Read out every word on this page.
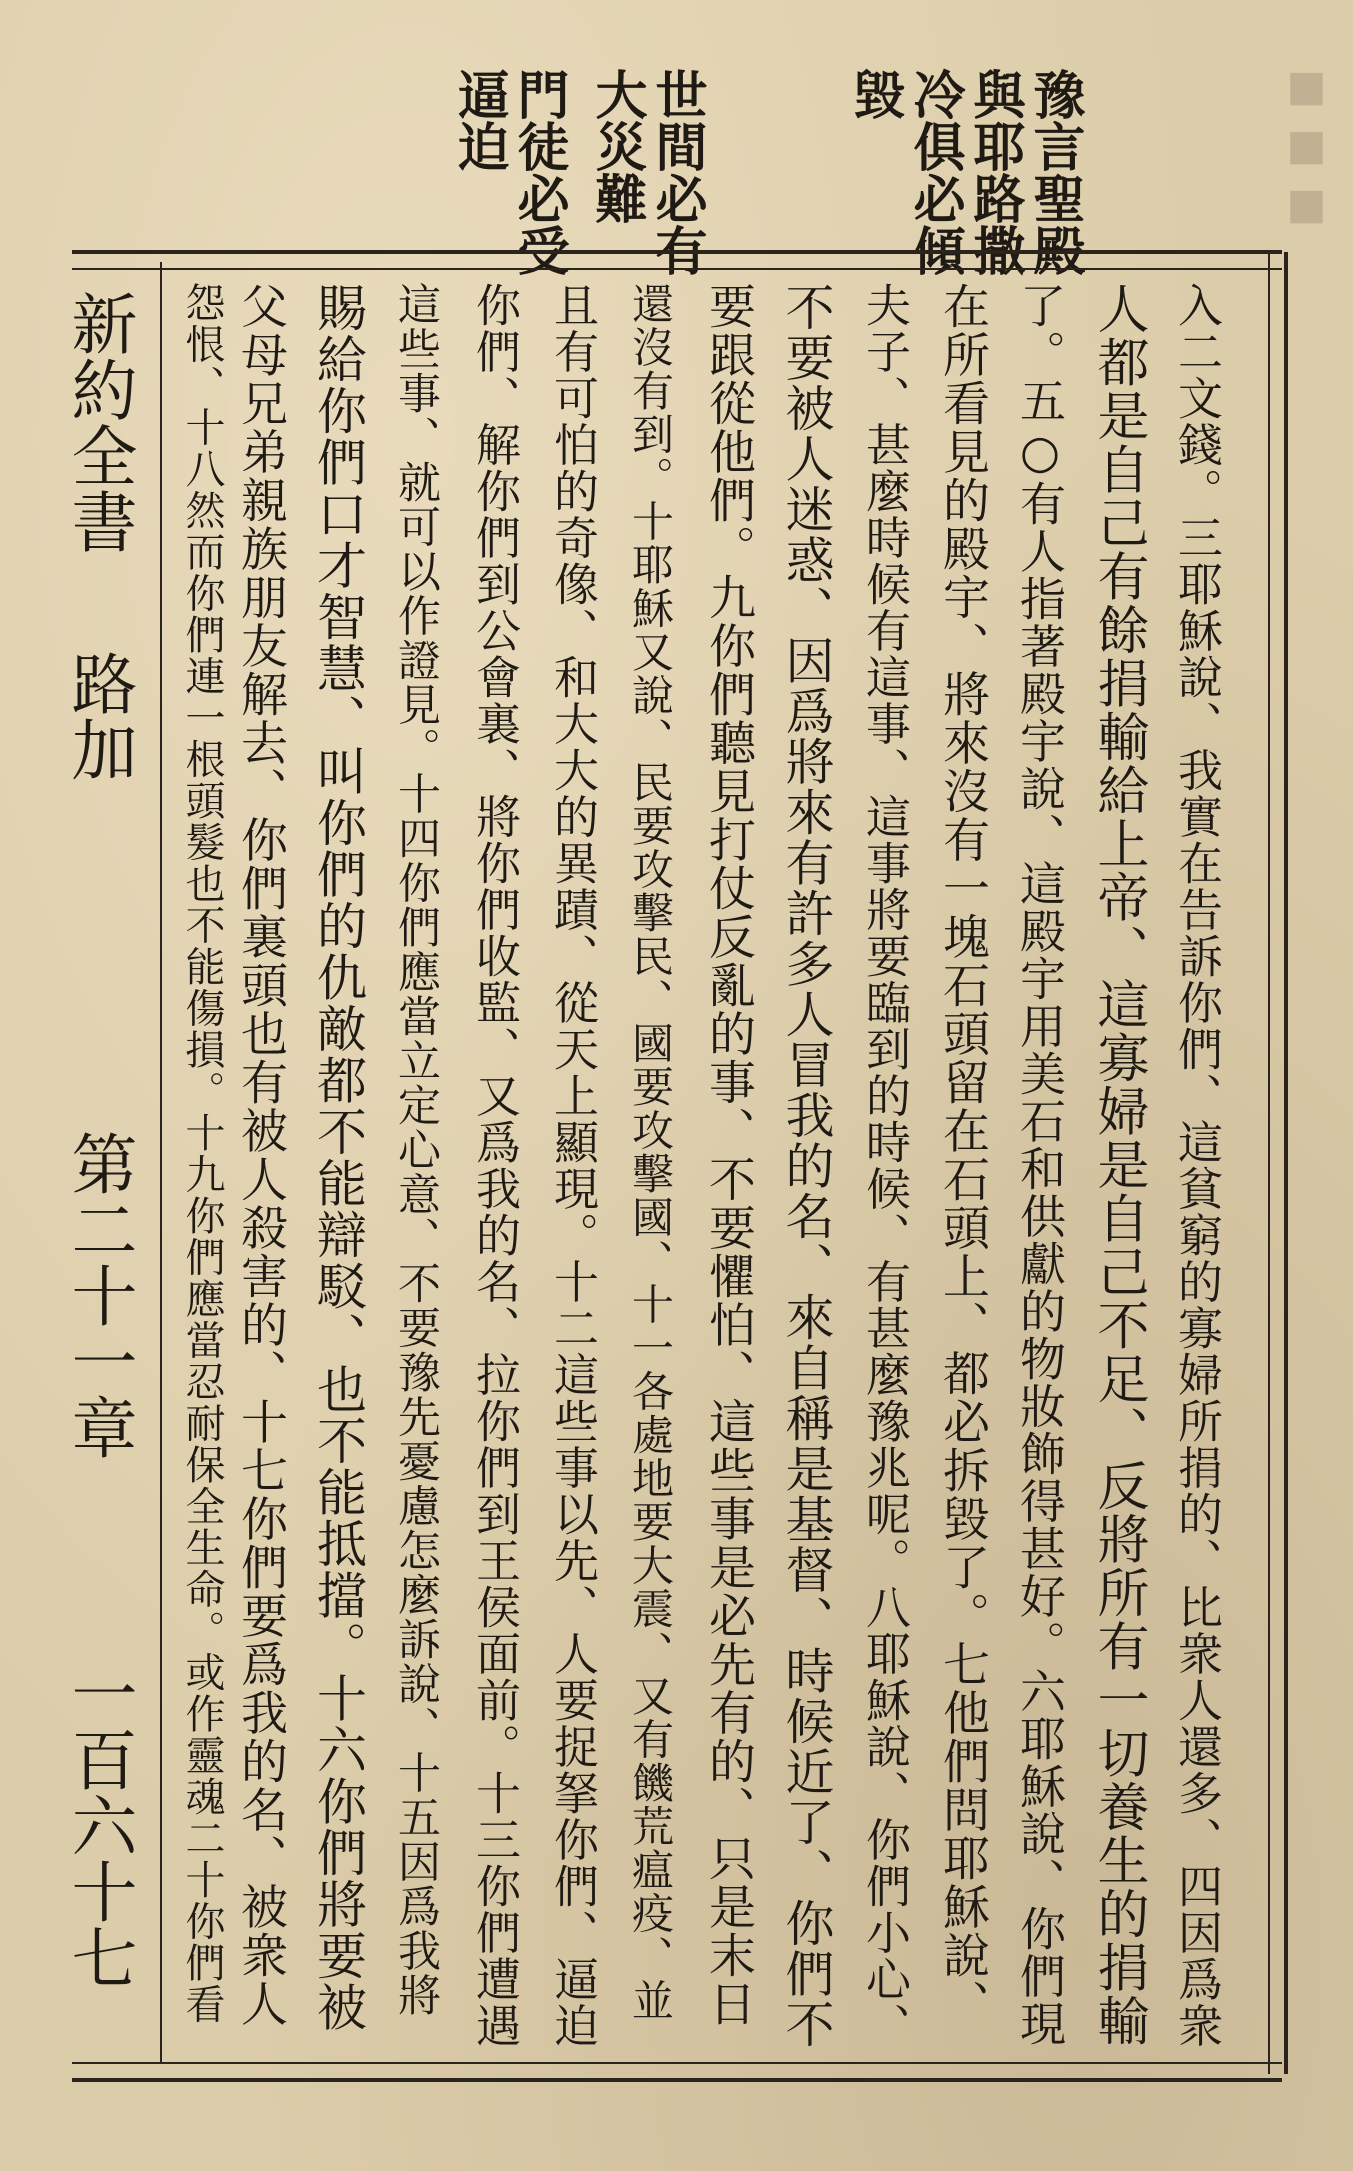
◼◼◼
豫言聖殿
與耶路撒
冷俱必傾
毀
世間必有
大災難
門徒必受
逼迫
入二文錢。三耶穌說、我實在告訴你們、這貧窮的寡婦所捐的、比衆人還多、四因爲衆
人都是自己有餘捐輸給上帝、這寡婦是自己不足、反將所有一切養生的捐輸
了。五○有人指著殿宇說、這殿宇用美石和供獻的物妝飾得甚好。六耶穌說、你們現
在所看見的殿宇、將來沒有一塊石頭留在石頭上、都必拆毀了。七他們問耶穌說、
夫子、甚麼時候有這事、這事將要臨到的時候、有甚麼豫兆呢。八耶穌說、你們小心、
不要被人迷惑、因爲將來有許多人冒我的名、來自稱是基督、時候近了、你們不
要跟從他們。九你們聽見打仗反亂的事、不要懼怕、這些事是必先有的、只是末日
還沒有到。十耶穌又說、民要攻擊民、國要攻擊國、十一各處地要大震、又有饑荒瘟疫、並
且有可怕的奇像、和大大的異蹟、從天上顯現。十二這些事以先、人要捉拏你們、逼迫
你們、解你們到公會裏、將你們收監、又爲我的名、拉你們到王侯面前。十三你們遭遇
這些事、就可以作證見。十四你們應當立定心意、不要豫先憂慮怎麼訴說、十五因爲我將
賜給你們口才智慧、叫你們的仇敵都不能辯駁、也不能抵擋。十六你們將要被
父母兄弟親族朋友解去、你們裏頭也有被人殺害的、十七你們要爲我的名、被衆人
怨恨、十八然而你們連一根頭髮也不能傷損。十九你們應當忍耐保全生命。或作靈魂二十你們看
新約全書
路加
第二十一章
一百六十七
